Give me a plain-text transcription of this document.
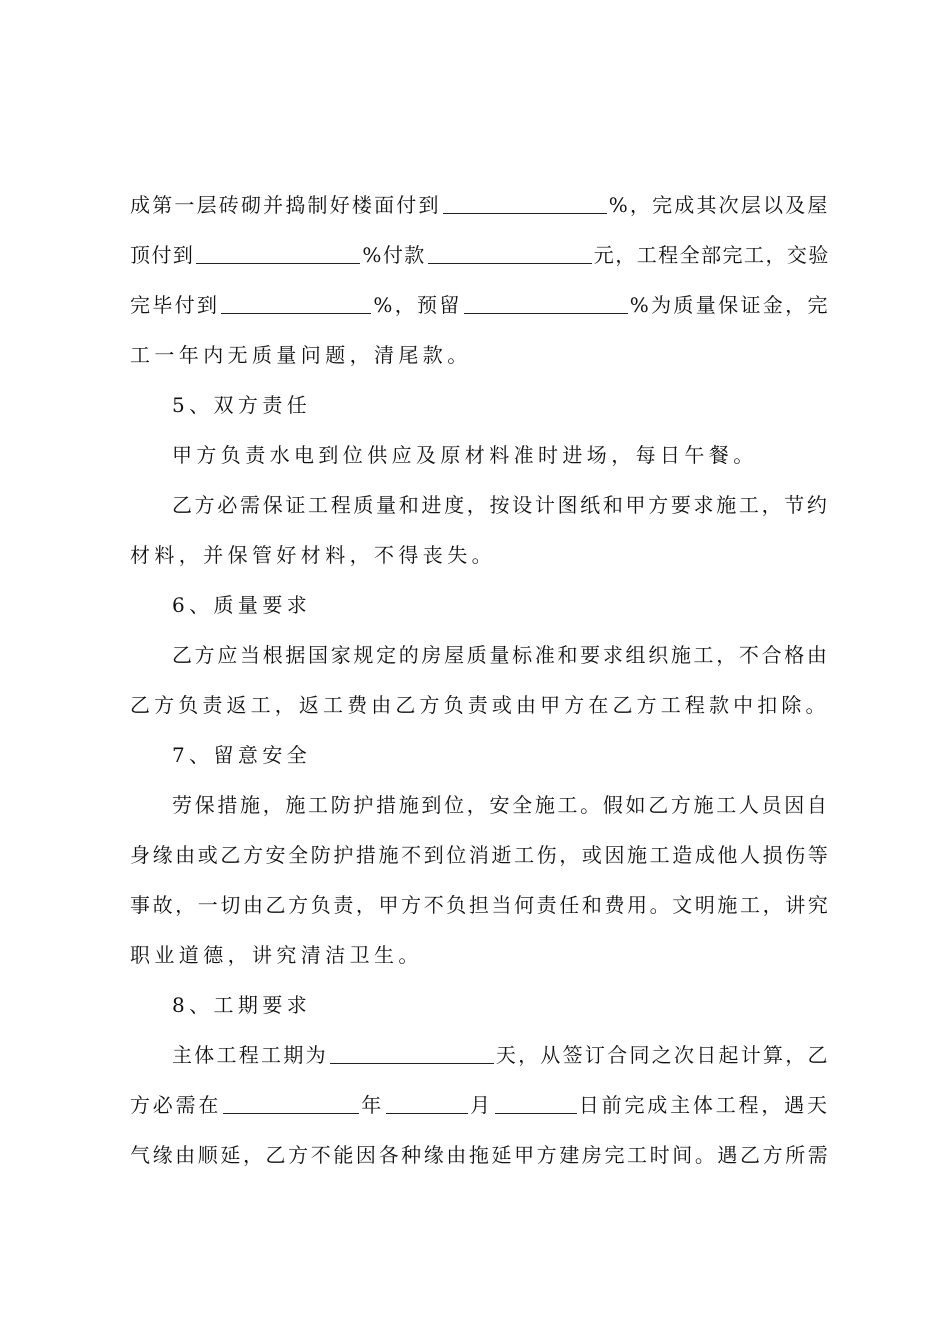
成第一层砖砌并捣制好楼面付到	%，完成其次层以及屋
顶付到	%付款	元，工程全部完工，交验
完毕付到	%，预留	%为质量保证金，完
工一年内无质量问题，清尾款。
5、双方责任
甲方负责水电到位供应及原材料准时进场，每日午餐。
乙方必需保证工程质量和进度，按设计图纸和甲方要求施工，节约
材料，并保管好材料，不得丧失。
6、质量要求
乙方应当根据国家规定的房屋质量标准和要求组织施工，不合格由
乙方负责返工，返工费由乙方负责或由甲方在乙方工程款中扣除。
7、留意安全
劳保措施，施工防护措施到位，安全施工。假如乙方施工人员因自
身缘由或乙方安全防护措施不到位消逝工伤，或因施工造成他人损伤等
事故，一切由乙方负责，甲方不负担当何责任和费用。文明施工，讲究
职业道德，讲究清洁卫生。
8、工期要求
主体工程工期为	天，从签订合同之次日起计算，乙
方必需在	年	月	日前完成主体工程，遇天
气缘由顺延，乙方不能因各种缘由拖延甲方建房完工时间。遇乙方所需
